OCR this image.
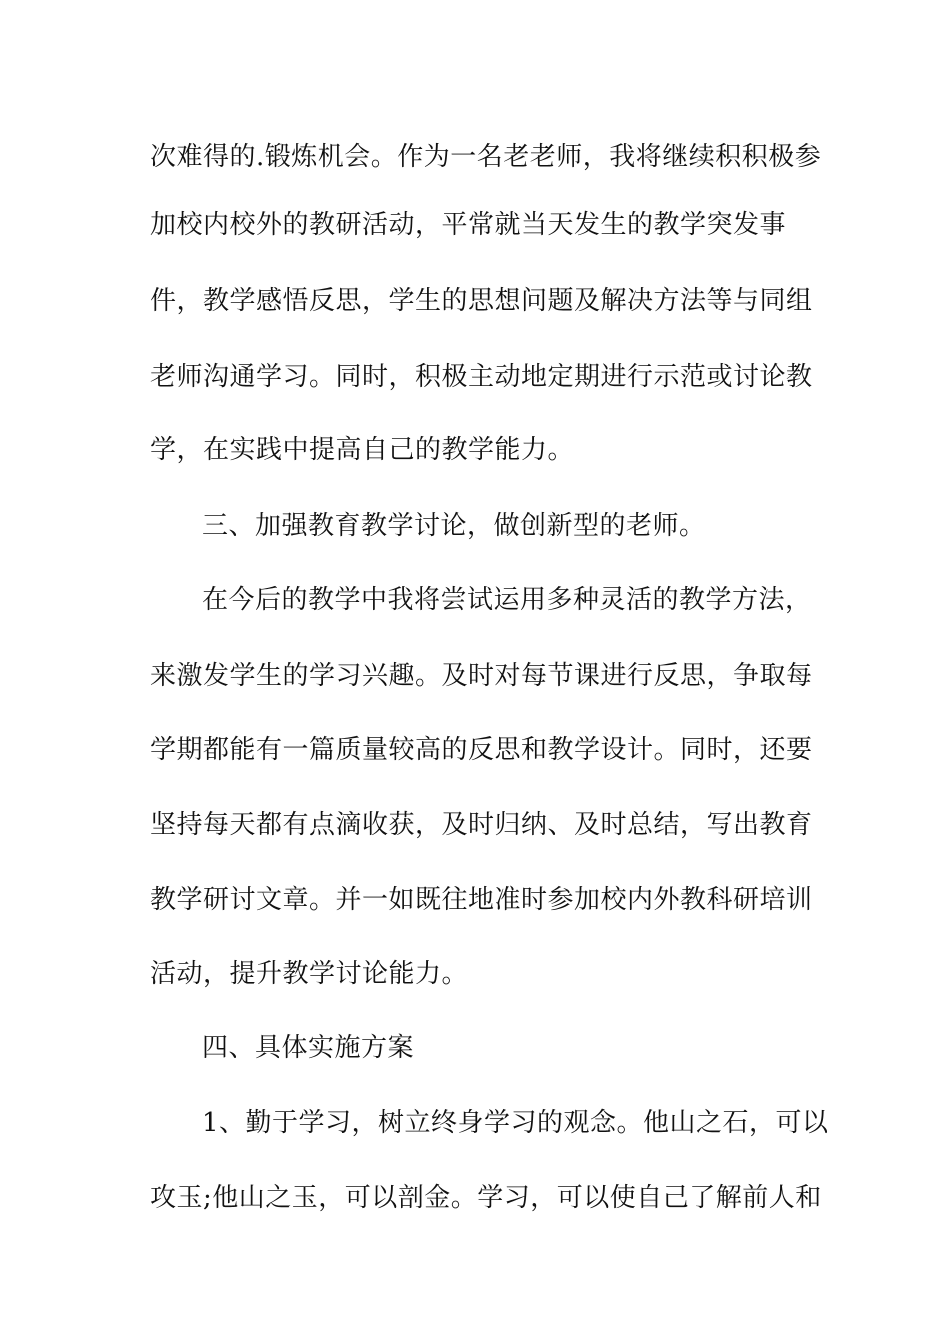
次难得的.锻炼机会。作为一名老老师，我将继续积积极参
加校内校外的教研活动，平常就当天发生的教学突发事
件，教学感悟反思，学生的思想问题及解决方法等与同组
老师沟通学习。同时，积极主动地定期进行示范或讨论教
学，在实践中提高自己的教学能力。
三、加强教育教学讨论，做创新型的老师。
在今后的教学中我将尝试运用多种灵活的教学方法，
来激发学生的学习兴趣。及时对每节课进行反思，争取每
学期都能有一篇质量较高的反思和教学设计。同时，还要
坚持每天都有点滴收获，及时归纳、及时总结，写出教育
教学研讨文章。并一如既往地准时参加校内外教科研培训
活动，提升教学讨论能力。
四、具体实施方案
1、勤于学习，树立终身学习的观念。他山之石，可以
攻玉;他山之玉，可以剖金。学习，可以使自己了解前人和
